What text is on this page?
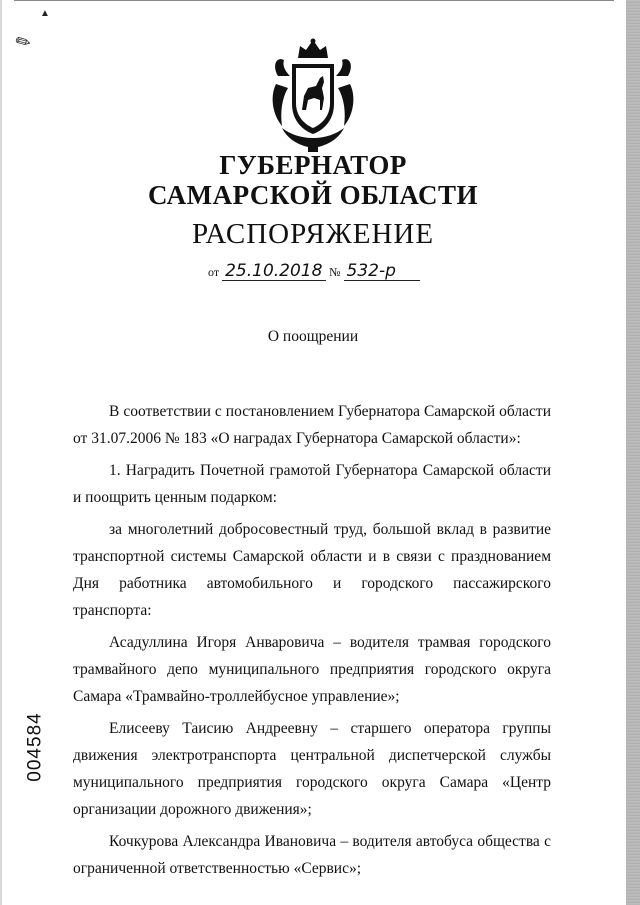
▲
✎
ГУБЕРНАТОР
САМАРСКОЙ ОБЛАСТИ
РАСПОРЯЖЕНИЕ
от 25.10.2018 № 532-р
О поощрении

В соответствии с постановлением Губернатора Самарской области от 31.07.2006 № 183 «О наградах Губернатора Самарской области»:

1. Наградить Почетной грамотой Губернатора Самарской области и поощрить ценным подарком:

за многолетний добросовестный труд, большой вклад в развитие транспортной системы Самарской области и в связи с празднованием Дня работника автомобильного и городского пассажирского транспорта:

Асадуллина Игоря Анваровича – водителя трамвая городского трамвайного депо муниципального предприятия городского округа Самара «Трамвайно-троллейбусное управление»;

Елисееву Таисию Андреевну – старшего оператора группы движения электротранспорта центральной диспетчерской службы муниципального предприятия городского округа Самара «Центр организации дорожного движения»;

Кочкурова Александра Ивановича – водителя автобуса общества с ограниченной ответственностью «Сервис»;

004584
